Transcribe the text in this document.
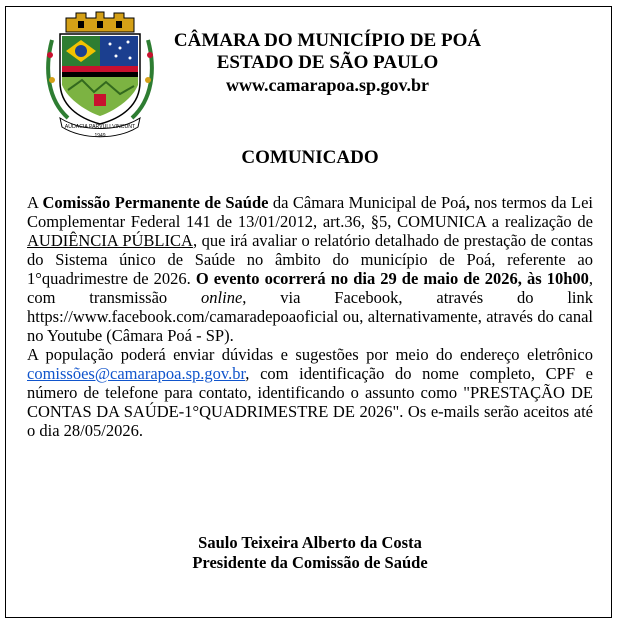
AUDACIA PARVULI VINCUNT
1949
CÂMARA DO MUNICÍPIO DE POÁ
ESTADO DE SÃO PAULO
www.camarapoa.sp.gov.br
COMUNICADO

A Comissão Permanente de Saúde da Câmara Municipal de Poá, nos termos da Lei Complementar Federal 141 de 13/01/2012, art.36, §5, COMUNICA a realização de AUDIÊNCIA PÚBLICA, que irá avaliar o relatório detalhado de prestação de contas do Sistema único de Saúde no âmbito do município de Poá, referente ao 1°quadrimestre de 2026. O evento ocorrerá no dia 29 de maio de 2026, às 10h00, com transmissão online, via Facebook, através do link https://www.facebook.com/camaradepoaoficial ou, alternativamente, através do canal no Youtube (Câmara Poá - SP).

A população poderá enviar dúvidas e sugestões por meio do endereço eletrônico comissões@camarapoa.sp.gov.br, com identificação do nome completo, CPF e número de telefone para contato, identificando o assunto como "PRESTAÇÃO DE CONTAS DA SAÚDE-1°QUADRIMESTRE DE 2026". Os e-mails serão aceitos até o dia 28/05/2026.

Saulo Teixeira Alberto da Costa
Presidente da Comissão de Saúde
